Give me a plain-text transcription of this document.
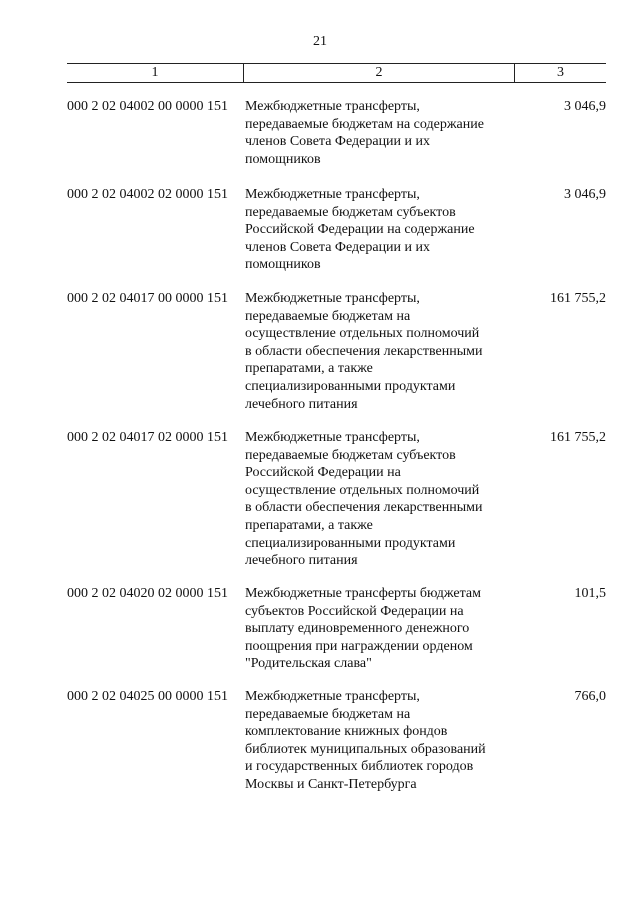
21
1	2	3
000 2 02 04002 00 0000 151	Межбюджетные трансферты,
передаваемые бюджетам на содержание
членов Совета Федерации и их
помощников
3 046,9
000 2 02 04002 02 0000 151	Межбюджетные трансферты,
передаваемые бюджетам субъектов
Российской Федерации на содержание
членов Совета Федерации и их
помощников
3 046,9
000 2 02 04017 00 0000 151	Межбюджетные трансферты,
передаваемые бюджетам на
осуществление отдельных полномочий
в области обеспечения лекарственными
препаратами, а также
специализированными продуктами
лечебного питания
161 755,2
000 2 02 04017 02 0000 151	Межбюджетные трансферты,
передаваемые бюджетам субъектов
Российской Федерации на
осуществление отдельных полномочий
в области обеспечения лекарственными
препаратами, а также
специализированными продуктами
лечебного питания
161 755,2
000 2 02 04020 02 0000 151	Межбюджетные трансферты бюджетам
субъектов Российской Федерации на
выплату единовременного денежного
поощрения при награждении орденом
"Родительская слава"
101,5
000 2 02 04025 00 0000 151	Межбюджетные трансферты,
передаваемые бюджетам на
комплектование книжных фондов
библиотек муниципальных образований
и государственных библиотек городов
Москвы и Санкт-Петербурга
766,0
